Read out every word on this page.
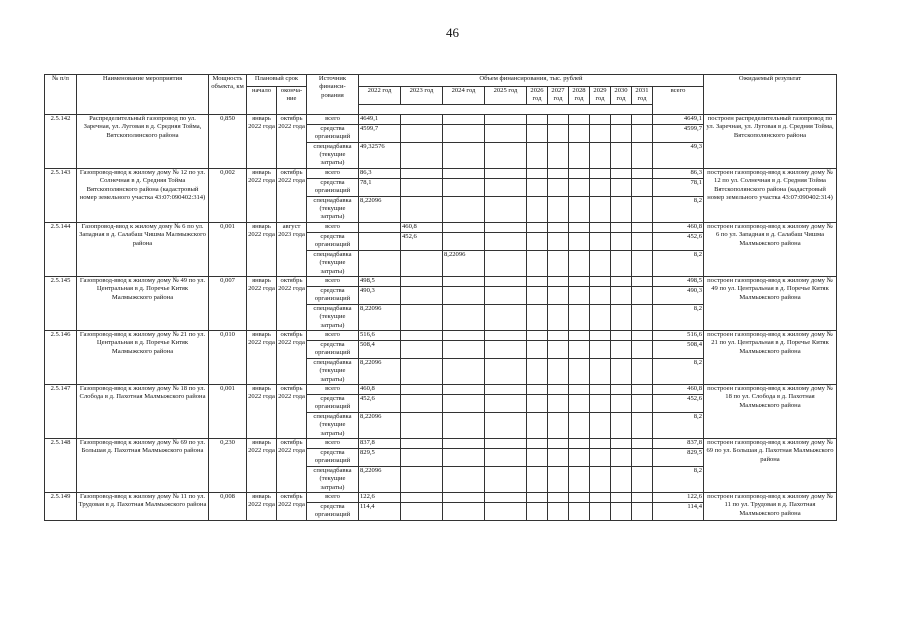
46
№ п/п	Наименование мероприятия	Мощность объекта, км	Плановый срок		Источник финанси-рования	Объем финансирования, тыс. рублей											Ожидаемый результат
			начало	оконча-ние		2022 год	2023 год	2024 год	2025 год	2026 год	2027 год	2028 год	2029 год	2030 год	2031 год	всего	

2.5.142	Распределительный газопровод по ул. Заречная, ул. Луговая в д. Средняя Тойма, Вятскополянского района	0,850	январь 2022 года	октябрь 2022 года	всего	4649,1										4649,1	построен распределительный газопровод по ул. Заречная, ул. Луговая в д. Средняя Тойма, Вятскополянского района
					средства организаций	4599,7										4599,7	
					спецнадбавка (текущие затраты)	49,32576										49,3	
2.5.143	Газопровод-ввод к жилому дому № 12 по ул. Солнечная в д. Средняя Тойма Вятскополянского района (кадастровый номер земельного участка 43:07:090402:314)	0,002	январь 2022 года	октябрь 2022 года	всего	86,3										86,3	построен газопровод-ввод к жилому дому № 12 по ул. Солнечная в д. Средняя Тойма Вятскополянского района (кадастровый номер земельного участка 43:07:090402:314)
					средства организаций	78,1										78,1	
					спецнадбавка (текущие затраты)	8,22096										8,2	
2.5.144	Газопровод-ввод к жилому дому № 6 по ул. Западная в д. Салабаш Чишма Малмыжского района	0,001	январь 2022 года	август 2023 года	всего		460,8									460,8	построен газопровод-ввод к жилому дому № 6 по ул. Западная в д. Салабаш Чишма Малмыжского района
					средства организаций		452,6									452,6	
					спецнадбавка (текущие затраты)			8,22096								8,2	
2.5.145	Газопровод-ввод к жилому дому № 49 по ул. Центральная в д. Поречье Китяк Малмыжского района	0,007	январь 2022 года	октябрь 2022 года	всего	498,5										498,5	построен газопровод-ввод к жилому дому № 49 по ул. Центральная в д. Поречье Китяк Малмыжского района
					средства организаций	490,3										490,3	
					спецнадбавка (текущие затраты)	8,22096										8,2	
2.5.146	Газопровод-ввод к жилому дому № 21 по ул. Центральная в д. Поречье Китяк Малмыжского района	0,010	январь 2022 года	октябрь 2022 года	всего	516,6										516,6	построен газопровод-ввод к жилому дому № 21 по ул. Центральная в д. Поречье Китяк Малмыжского района
					средства организаций	508,4										508,4	
					спецнадбавка (текущие затраты)	8,22096										8,2	
2.5.147	Газопровод-ввод к жилому дому № 18 по ул. Слобода в д. Пахотная Малмыжского района	0,001	январь 2022 года	октябрь 2022 года	всего	460,8										460,8	построен газопровод-ввод к жилому дому № 18 по ул. Слобода в д. Пахотная Малмыжского района
					средства организаций	452,6										452,6	
					спецнадбавка (текущие затраты)	8,22096										8,2	
2.5.148	Газопровод-ввод к жилому дому № 69 по ул. Большая д. Пахотная Малмыжского района	0,230	январь 2022 года	октябрь 2022 года	всего	837,8										837,8	построен газопровод-ввод к жилому дому № 69 по ул. Большая д. Пахотная Малмыжского района
					средства организаций	829,5										829,5	
					спецнадбавка (текущие затраты)	8,22096										8,2	
2.5.149	Газопровод-ввод к жилому дому № 11 по ул. Трудовая в д. Пахотная Малмыжского района	0,008	январь 2022 года	октябрь 2022 года	всего	122,6										122,6	построен газопровод-ввод к жилому дому № 11 по ул. Трудовая в д. Пахотная Малмыжского района
					средства организаций	114,4										114,4	
